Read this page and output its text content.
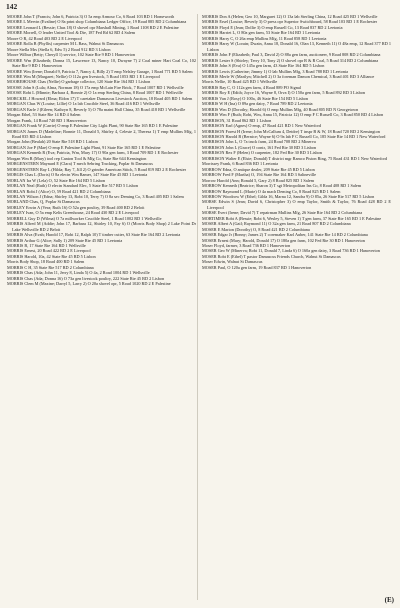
142

MOORE John T (Francis; John 6, Patricia 3) O 5a emp Armour Co, 6 Road 103 RD 1 Homeworth

MOORE L Mervin (Evaline) O 8a print shop Columbiana Ledger Office, 19 Road 885 RD 2 Columbiana

MOORE Leonard L (Bessie; Chas 18) O shovel opr Marshall Mining, 1 Road 1108 RD 2 E Palestine

MOORE Morrell, O leader United Tool & Die, 187 Fed Rd 62 RD 4 Salem

Moore O R, 42 Road 403 RD 2 E Liverpool

MOORE Rolla B (Phyllis) carpenter M L Bass, Walnut St Damascus

Moore Stella Mrs (Stella 6, Edw 5) 2 Road 912 RD 3 Lisbon

Moore Wilbur (Betty; Cheryll 1) service, 102 State Rte 9 RD 1 Hanoverton

MOORE Wm (Elizabeth; Donna 15, Lawrence 13, Nancy 10, Dwayne 7) 2 Coal miner Hart Coal Co, 102 State Rte 9 RD 1 Hanoverton

MOORE Wm (Irene; Donald 9, Patricia 7, Nancy 4, Billy 2) T emp Nelsley Garage, 1 Road 771 RD 5 Salem

MOORE Wm M (Margaret; Nellie) O 112a gen livestock, 5 Road 1053 RD 1 E Liverpool

MOOREHOUSE Chas (Nellie) O garbage collector, 120 State Rte 164 RD 1 Lisbon

MOOSE John S (Lula; Alma, Norman 18) O 17a emp McLain Fire Brick, 7 Road 1007 RD 1 Wellsville

MOOSE Robt L (Minnie; Barbara 4, Bonnie 2) O 1a emp Sterling China, 8 Road 1007 RD 1 Wellsville

MORCKEL J Howard (Elma; Eldon 17) T caretaker Damascus Livestock Auction, 18 Road 405 RD 1 Salem

MORGAN Chas W (Louise; Lillie) O 1a lab Crucible Steel, 36 Road 416 RD 1 Wellsville

MORGAN Earle J (Eileen; Kathryn 8, Beverly 5) O 78a maint Hall China, 35 Road 418 RD 1 Wellsville

Morgan Ethel, 53 State Rte 14 RD 4 Salem

Morgan Frank, 14 Road 740 RD 1 Hanoverton

MORGAN Frank W (Carrie) O emp E Palestine City Light Plant, 90 State Rte 165 RD 1 E Palestine

MORGAN James D (Madeline; Bonnie 11, Donald 5, Shirley 4, Celeste 2, Theresa 1) T emp Mullins Mfg, 1 Road 835 RD 4 Lisbon

Morgan John (Beulah) 20 State Rte 518 RD 1 Lisbon

MORGAN Joe P (Mae) O emp E Palestine Light Plant, 91 State Rte 165 RD 1 E Palestine

MORGAN Kenneth R (Eva; Patricia, Wm, Mary 17) O 90a gen farm, 3 Road 709 RD 1 E Rochester

Morgan Wm R (Mary) tool rep Canton Tool & Mfg Co, State Rte 644 Kensington

MORGENSTERN Maynard E (Clara) T mech Sebring Trucking, Poplar St Damascus

MORGENSTERN Ray L (Hilda; Ray 7, Jill 2) O grinder American Stitch, 5 Road 819 RD 2 E Rochester

MORGIS Chas L (Doris) O 8a electn Wm Ramer, 147 State Rte 45 RD 1 Leetonia

MORLAN Ira W (Lela) O, 52 State Rte 164 RD 5 Lisbon

MORLAN Neal (Ruth) O electn Standard Elec, 5 State Rte 517 RD 5 Lisbon

MORLAN Robt J (Alice) O, 59 Road 421 RD 2 Columbiana

MORLAN Wilson J (Edna; Shirley 13, Robt 10, Terry 7) O 8a sec Deming Co, 3 Road 405 RD 1 Salem

MORLAND Chas, Q, Poplar St Damascus

MORLEY Erwin A (Vera; Ruth 16) O 52a gen poultry, 39 Road 400 RD 2 Beloit

MORLEY Ivan, O 5a emp Kelis Greenhouse, 24 Road 430 RD 2 E Liverpool

MORRELL Guy D (Wilma) O 7a millworker Crucible Steel, 1 Road 1002 RD 1 Wellsville

MORRIS Alfred M (Addie; John 17, Barbara 12, Shirley 10, Fay 6) O (Morris Body Shop) 2 Lake Point Dr Lake Wellsville RD 2 Beloit

MORRIS Alva (Evah; Harold 17, Robt 12, Ralph 10) T timber cutter, 63 State Rte 164 RD 2 Leetonia

MORRIS Arthur G (Alice; Sally 1) 209 State Rte 45 RD 1 Leetonia

MORRIS B, 17 State Rte 164 RD 1 Wellsville

MORRIS Ernest, 20 Road 422 RD 2 E Liverpool

MORRIS Harold, 10a, 42 State Rte 45 RD 5 Lisbon

Morris Body Shop, 18 Road 400 RD 1 Salem

MORRIS C H, 35 State Rte 517 RD 2 Columbiana

MORRIS Chas (Ada; John 11, Jerry 8, Linda 5) O 4a, 2 Road 1004 RD 1 Wellsville

MORRIS Chas (Ada; Donna 16) O 73a gen livestock poultry, 222 State Rte 45 RD 2 Lisbon

MORRIS Clem M (Maxine; Darryl 5, Larry 2) O 20a shovel opr, 5 Road 1020 RD 2 E Palestine

MORRIS Don A (Helen; Geo 10, Margaret 12) O 13a lab Sterling China, 12 Road 425 RD 1 Wellsville

MORRIS Ersel (Louise; Beverly 3) O press opr Superior Switchboard, 58 Road 103 RD 1 E Rochester

MORRIS Floyd E (Jean; Dollie 3) O emp Russell Co, 13 Road 837 RD 2 Leetonia

MORRIS Harriet L, O 80a gen farm, 53 State Rte 164 RD 1 Leetonia

MORRIS Harry C, O 26a emp Mullins Mfg, 11 Road 858 RD 1 Leetonia

MORRIS Harry W (Lorain; Dwain, Anna 18, Donald 16, Olan 13, Kenneth 11) O 48a emp, 12 Road 377 RD 1 Lisbon

MORRIS John F (Elizabeth; Paul 3, David 2) O 88a gen farm, auctioneer, 9 Road 808 RD 2 Columbiana

MORRIS Lester S (Shirley; Terry 10, Tony 2) O shovel opr R & R Coal, 5 Road 314 RD 2 Columbiana

MORRIS John S (Eva) O 145a gen farm, 43 State Rte 164 RD 5 Lisbon

MORRIS Lewis (Catherine; Jimmy 1) O lab Mullins Mfg, 3 Road 788 RD 1 Leetonia

MORRIS Merle W (Marilyn; Mitchell 2) O 3a foreman Damon Chemical, 3 Road 401 RD 3 Alliance

Morris Nellie, 10 Road 425 RD 1 Wellsville

MORRIS Ray C, O 112a gen farm, 4 Road 889 PO Signal

MORRIS Roy E (Edith; Joyce 16, Wayne 8, Orva I) O 150a gen farm, 5 Road 892 RD 3 Lisbon

MORRIS Van J (Rosy) O 100a, 46 State Rte 154 RD 5 Lisbon

MORRIS W H (Ina) O 89a gen dairy, 7 Road 789 RD 2 Leetonia

MORRIS Wm D (Dorothy; Harold 6) O emp Mullins Mfg, 40 Road 805 RD N Georgetown

MORRIS Wm F (Ruth; Robt, Wm, Anna 15, Patricia 12) O emp F C Russell Co, 3 Road 850 RD 4 Lisbon

MORRISON, 31 Road 862 RD 1 Lisbon

MORRISON Earl (Agnes) O emp, 47 Road 421 RD 1 New Waterford

MORRISON Forest H (Irene; John McCallum 4, Deidre) T inspr B & W, 18 Road 720 RD 2 Kensington

MORRISON Harold B (Bernice; Wayne 6) O 9a lab F C Russell Co, 185 State Rte 14 RD 1 New Waterford

MORRISON John L, O 7a truck farm, 24 Road 708 RD 2 Minerva

MORRISON John L (Grace) O contr, 161 Fed Rte 30 RD 3 Lisbon

MORRISON Rex F (Helen) O carpenter, 182 Fed Rte 30 RD 3 Lisbon

MORRISON Walter E (Elsie; Donald) T district mgr Ramco Piston Ring, 75 Road 431 RD 1 New Waterford

Morrissey Frank, 6 Road 836 RD 1 Leetonia

MORROW Edna, O antique dealer, 209 State Rte 45 RD 5 Lisbon

MORROW Fred F (Martha) O, 194 State Rte 164 RD 3 Salineville

Morrow Harold (Ann; Ronald 5, Gary 2) 8 Road 825 RD 1 Salem

MORROW Kenneth (Beatrice; Sharon 3) T sgt Metropolitan Ins Co, 8 Road 408 RD 1 Salem

MORROW Raymond L (Marie) O 4a mach Deming Co, 8 Road 825 RD 1 Salem

MORROW Woodrow W (Ethel; Gilda 16, Marna 12, Sandra 9) O 85a, 26 State Rte 517 RD 5 Lisbon

MORSE Edwin S (Jean; David 6, Christopher 3) O emp Taylor, Smith & Taylor, 76 Road 428 RD 2 E Liverpool

MORSE Evert (Irene; David 7) T repairman Mullins Mfg, 26 State Rte 164 RD 2 Columbiana

MORTIMER Robt A (Bessie; Robt 6, Wesley 5, Steven 1) T gen farm, 37 State Rte 165 RD 1 E Palestine

MOSER Albert A (Gail; Raymond 11) O 32a gen farm, 21 Road 807 RD 2 Columbiana

MOSER E Marion (Dorothy) O, 8 Road 421 RD 2 Columbiana

MOSER Edgar Jr (Bonny; James 2) T coremaker Karl Auber, 141 State Rte 14 RD 2 Columbiana

MOSER Ernest (Mary; Harold, Donald 17) O 180a gen farm, 102 Fed Rte 30 RD 1 Hanoverton

Moser Floyd, farmer, 3 Road 736 RD 1 Hanoverton

MOSER Geo W (Minerva; Robt 11, Donald 7, Linda 6) O 160a gen dairy, 3 Road 736 RD 1 Hanoverton

MOSER Robt E (Ethel) T pastor Damascus Friends Church, Walnut St Damascus

Moser Edwin, Walnut St Damascus

MOSER Paul, O 120a gen farm, 19 Road 837 RD 1 Hanoverton

(E)
